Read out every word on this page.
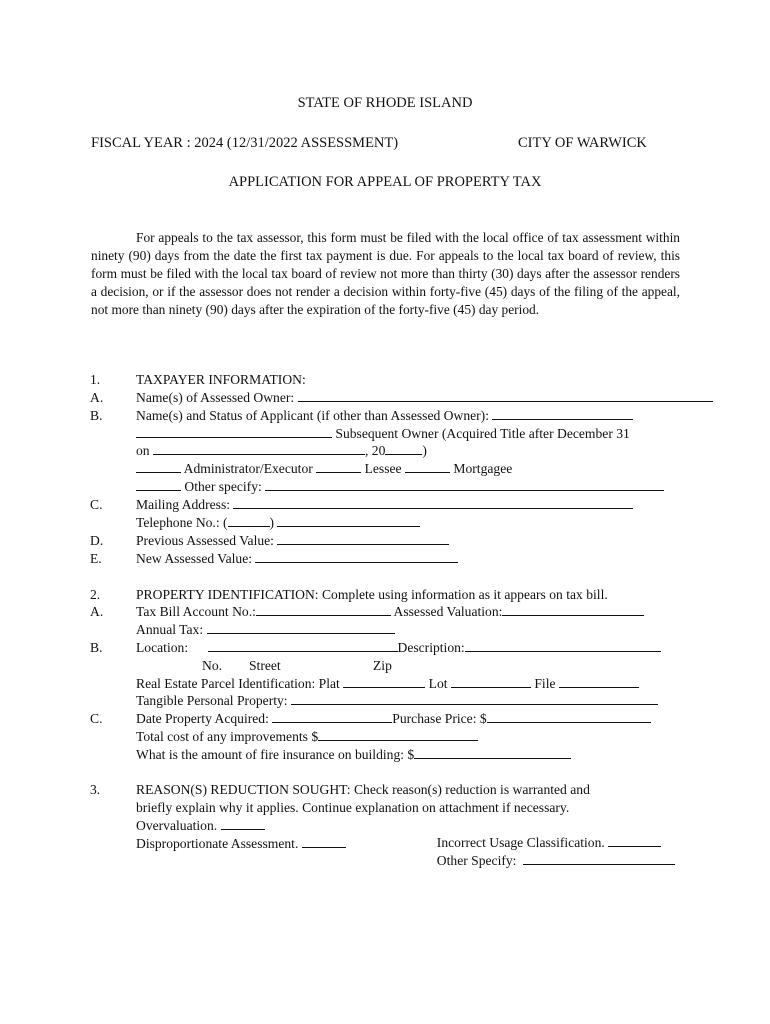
STATE OF RHODE ISLAND
FISCAL YEAR : 2024 (12/31/2022 ASSESSMENT)	CITY OF WARWICK
APPLICATION FOR APPEAL OF PROPERTY TAX
For appeals to the tax assessor, this form must be filed with the local office of tax assessment within ninety (90) days from the date the first tax payment is due. For appeals to the local tax board of review, this form must be filed with the local tax board of review not more than thirty (30) days after the assessor renders a decision, or if the assessor does not render a decision within forty-five (45) days of the filing of the appeal, not more than ninety (90) days after the expiration of the forty-five (45) day period.
1.	TAXPAYER INFORMATION:
A.	Name(s) of Assessed Owner:
B.	Name(s) and Status of Applicant (if other than Assessed Owner):
Subsequent Owner (Acquired Title after December 31
on	, 20	)
Administrator/Executor	Lessee	Mortgagee
Other specify:
C.	Mailing Address:
Telephone No.: (	)
D.	Previous Assessed Value:
E.	New Assessed Value:
2.	PROPERTY IDENTIFICATION: Complete using information as it appears on tax bill.
A.	Tax Bill Account No.:	Assessed Valuation:
Annual Tax:
B.	Location:	Description:
No. Street	Zip
Real Estate Parcel Identification: Plat	Lot	File
Tangible Personal Property:
C.	Date Property Acquired:	Purchase Price: $
Total cost of any improvements $
What is the amount of fire insurance on building: $
3.	REASON(S) REDUCTION SOUGHT: Check reason(s) reduction is warranted and
briefly explain why it applies. Continue explanation on attachment if necessary.
Overvaluation.

Incorrect Usage Classification.

Disproportionate Assessment.

Other Specify:
